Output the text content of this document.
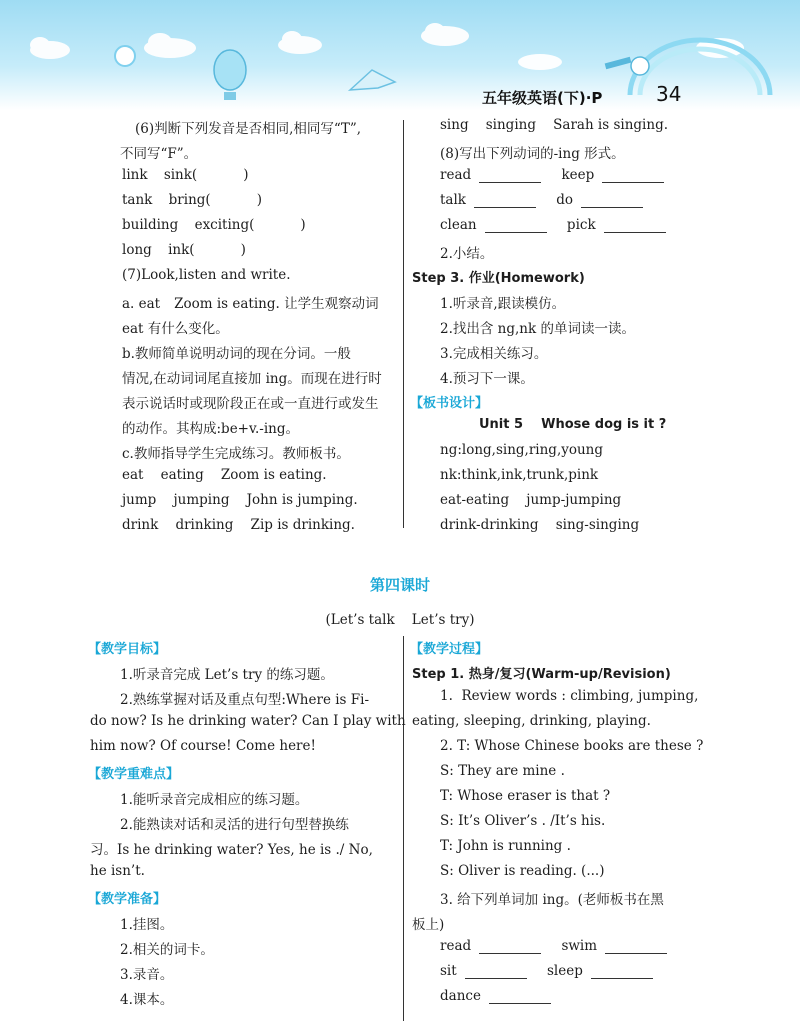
五年级英语(下)·P	34
(6)判断下列发音是否相同,相同写“T”,
不同写“F”。
link sink(	)
tank bring(	)
building exciting(	)
long ink(	)
(7)Look,listen and write.
a. eat Zoom is eating. 让学生观察动词
eat 有什么变化。
b.教师简单说明动词的现在分词。一般
情况,在动词词尾直接加 ing。而现在进行时
表示说话时或现阶段正在或一直进行或发生
的动作。其构成:be+v.-ing。
c.教师指导学生完成练习。教师板书。
eat    eating    Zoom is eating.
jump    jumping    John is jumping.
drink    drinking    Zip is drinking.
sing    singing    Sarah is singing.
(8)写出下列动词的-ing 形式。
read	keep
talk	do
clean	pick
2.小结。
Step 3. 作业(Homework)
1.听录音,跟读模仿。
2.找出含 ng,nk 的单词读一读。
3.完成相关练习。
4.预习下一课。
【板书设计】
Unit 5    Whose dog is it ?
ng:long,sing,ring,young
nk:think,ink,trunk,pink
eat-eating    jump-jumping
drink-drinking    sing-singing
第四课时
(Let’s talk    Let’s try)
【教学目标】
1.听录音完成 Let’s try 的练习题。
2.熟练掌握对话及重点句型:Where is Fi-
do now? Is he drinking water? Can I play with
him now? Of course! Come here!
【教学重难点】
1.能听录音完成相应的练习题。
2.能熟读对话和灵活的进行句型替换练
习。Is he drinking water? Yes, he is ./ No,
he isn’t.
【教学准备】
1.挂图。
2.相关的词卡。
3.录音。
4.课本。
【教学过程】
Step 1. 热身/复习(Warm-up/Revision)
1.  Review words : climbing, jumping,
eating, sleeping, drinking, playing.
2. T: Whose Chinese books are these ?
S: They are mine .
T: Whose eraser is that ?
S: It’s Oliver’s . /It’s his.
T: John is running .
S: Oliver is reading. (...)
3. 给下列单词加 ing。(老师板书在黑
板上)
read	swim
sit	sleep
dance
